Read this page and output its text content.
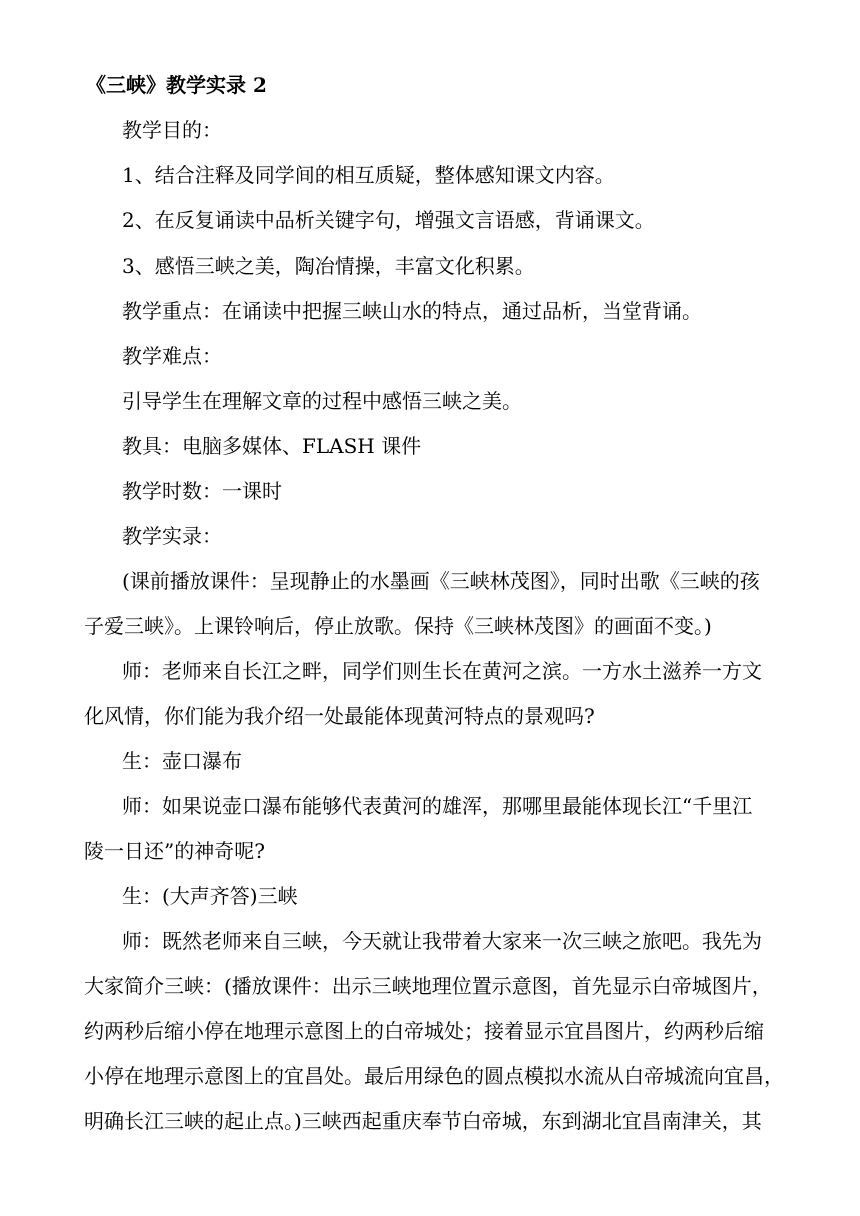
《三峡》教学实录 2
教学目的：
1、结合注释及同学间的相互质疑，整体感知课文内容。
2、在反复诵读中品析关键字句，增强文言语感，背诵课文。
3、感悟三峡之美，陶冶情操，丰富文化积累。
教学重点：在诵读中把握三峡山水的特点，通过品析，当堂背诵。
教学难点：
引导学生在理解文章的过程中感悟三峡之美。
教具：电脑多媒体、FLASH 课件
教学时数：一课时
教学实录：
(课前播放课件：呈现静止的水墨画《三峡林茂图》，同时出歌《三峡的孩
子爱三峡》。上课铃响后，停止放歌。保持《三峡林茂图》的画面不变。)
师：老师来自长江之畔，同学们则生长在黄河之滨。一方水土滋养一方文
化风情，你们能为我介绍一处最能体现黄河特点的景观吗?
生：壶口瀑布
师：如果说壶口瀑布能够代表黄河的雄浑，那哪里最能体现长江“千里江
陵一日还”的神奇呢?
生：(大声齐答)三峡
师：既然老师来自三峡，今天就让我带着大家来一次三峡之旅吧。我先为
大家简介三峡：(播放课件：出示三峡地理位置示意图，首先显示白帝城图片，
约两秒后缩小停在地理示意图上的白帝城处；接着显示宜昌图片，约两秒后缩
小停在地理示意图上的宜昌处。最后用绿色的圆点模拟水流从白帝城流向宜昌，
明确长江三峡的起止点。)三峡西起重庆奉节白帝城，东到湖北宜昌南津关，其
